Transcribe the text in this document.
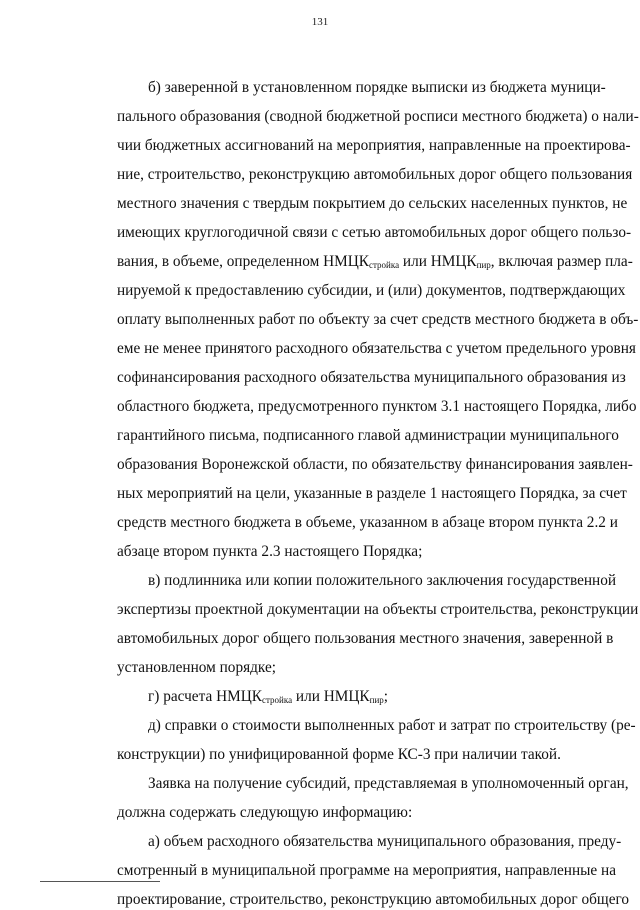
131
б) заверенной в установленном порядке выписки из бюджета муници-
пального образования (сводной бюджетной росписи местного бюджета) о нали-
чии бюджетных ассигнований на мероприятия, направленные на проектирова-
ние, строительство, реконструкцию автомобильных дорог общего пользования
местного значения с твердым покрытием до сельских населенных пунктов, не
имеющих круглогодичной связи с сетью автомобильных дорог общего пользо-
вания, в объеме, определенном $НМЦК_{стройка}$ или $НМЦК_{пир}$, включая размер пла-
нируемой к предоставлению субсидии, и (или) документов, подтверждающих
оплату выполненных работ по объекту за счет средств местного бюджета в объ-
еме не менее принятого расходного обязательства с учетом предельного уровня
софинансирования расходного обязательства муниципального образования из
областного бюджета, предусмотренного пунктом 3.1 настоящего Порядка, либо
гарантийного письма, подписанного главой администрации муниципального
образования Воронежской области, по обязательству финансирования заявлен-
ных мероприятий на цели, указанные в разделе 1 настоящего Порядка, за счет
средств местного бюджета в объеме, указанном в абзаце втором пункта 2.2 и
абзаце втором пункта 2.3 настоящего Порядка;
в) подлинника или копии положительного заключения государственной
экспертизы проектной документации на объекты строительства, реконструкции
автомобильных дорог общего пользования местного значения, заверенной в
установленном порядке;
г) расчета $НМЦК_{стройка}$ или $НМЦК_{пир}$;
д) справки о стоимости выполненных работ и затрат по строительству (ре-
конструкции) по унифицированной форме КС-3 при наличии такой.
Заявка на получение субсидий, представляемая в уполномоченный орган,
должна содержать следующую информацию:
а) объем расходного обязательства муниципального образования, преду-
смотренный в муниципальной программе на мероприятия, направленные на
проектирование, строительство, реконструкцию автомобильных дорог общего
